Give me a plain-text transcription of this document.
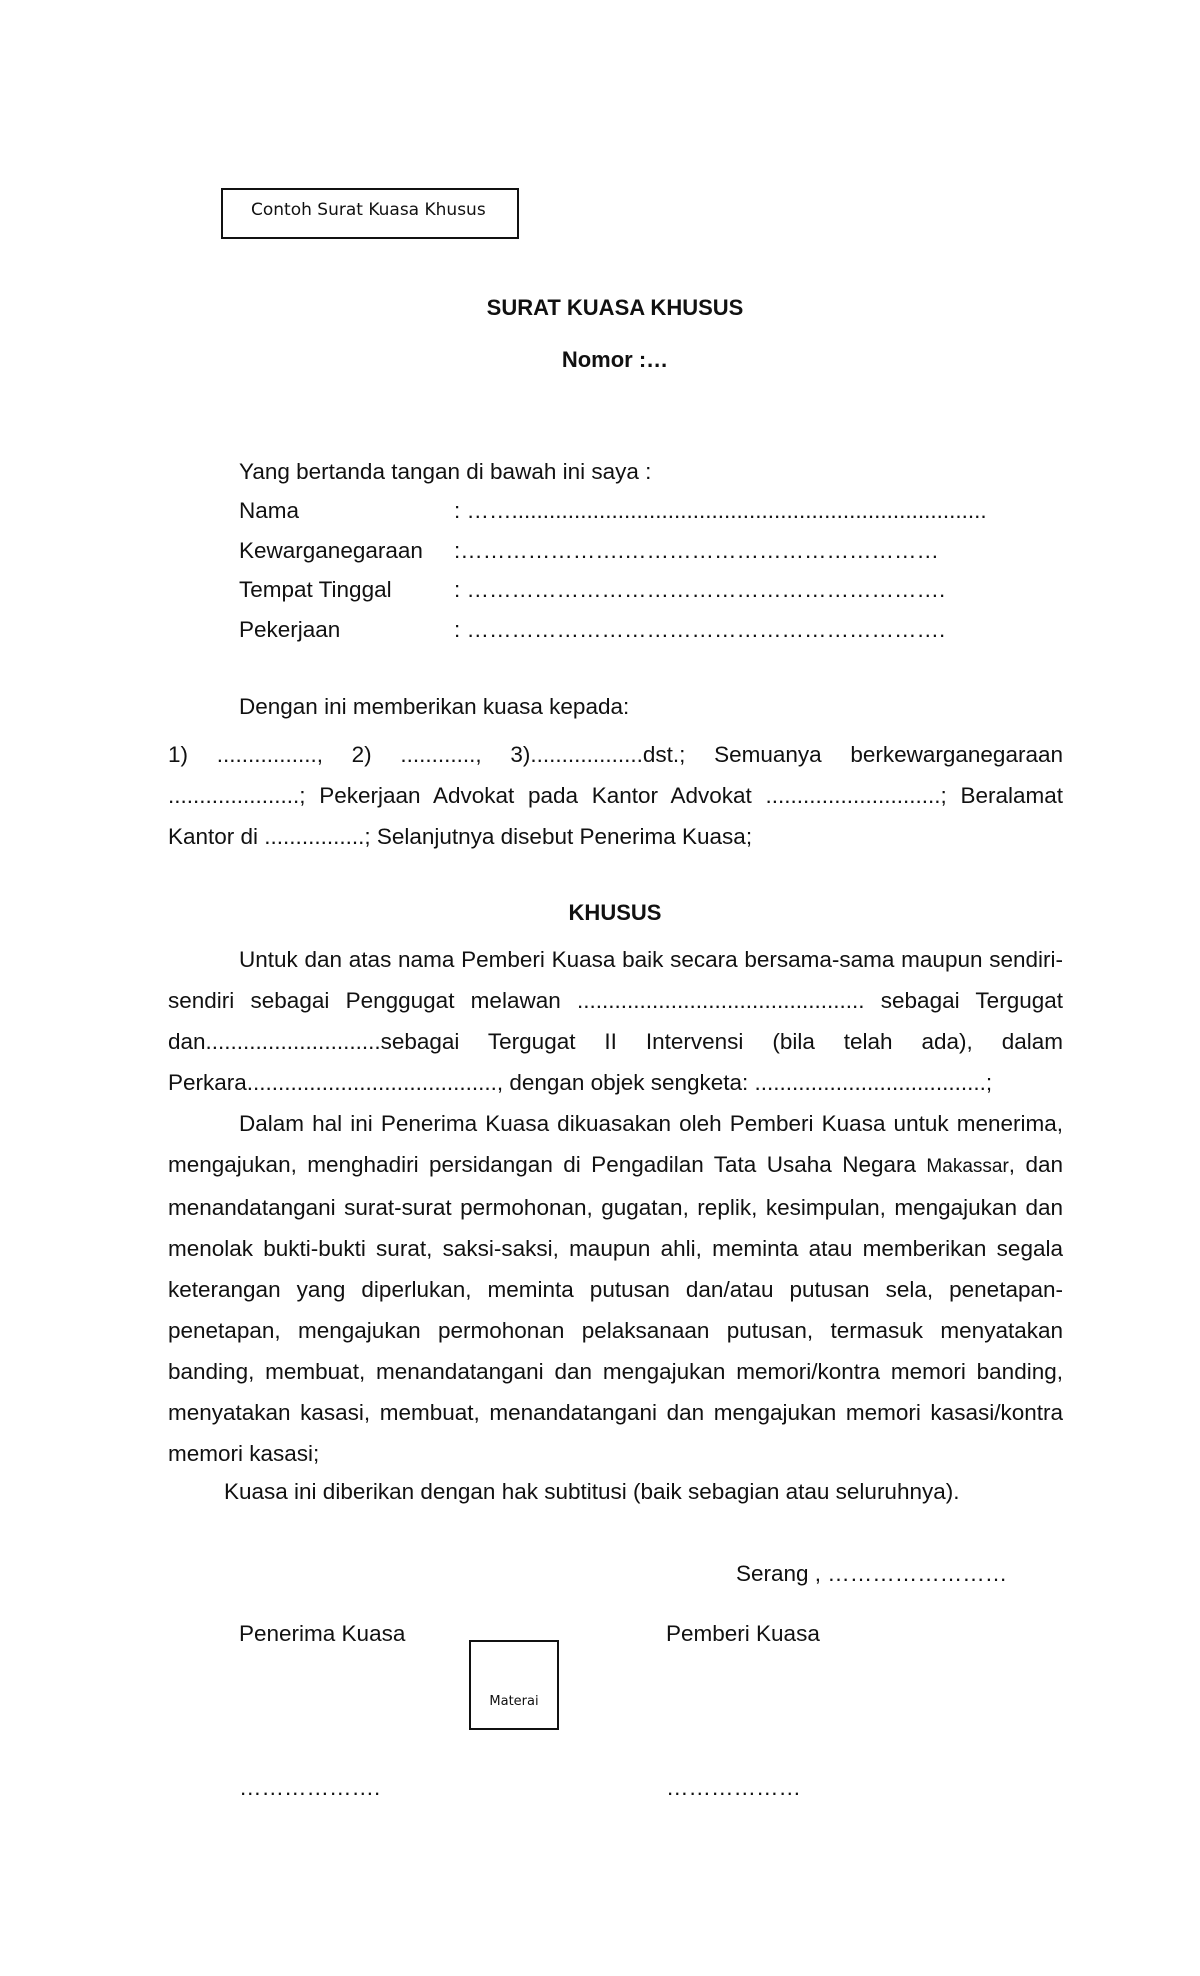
Contoh Surat Kuasa Khusus
SURAT KUASA KHUSUS
Nomor :…
Yang bertanda tangan di bawah ini saya :
Nama	: ……............................................................................
Kewarganegaraan :………………….……………………………………
Tempat Tinggal	: ……………………………………………………….
Pekerjaan	: ……………………………………………………….
Dengan ini memberikan kuasa kepada:
1) ................, 2) ............, 3)..................dst.; Semuanya berkewarganegaraan .....................; Pekerjaan Advokat pada Kantor Advokat ............................; Beralamat Kantor di ................; Selanjutnya disebut Penerima Kuasa;
KHUSUS
Untuk dan atas nama Pemberi Kuasa baik secara bersama-sama maupun sendiri-sendiri sebagai Penggugat melawan .............................................. sebagai Tergugat dan............................sebagai Tergugat II Intervensi (bila telah ada), dalam Perkara........................................, dengan objek sengketa: .....................................;
Dalam hal ini Penerima Kuasa dikuasakan oleh Pemberi Kuasa untuk menerima, mengajukan, menghadiri persidangan di Pengadilan Tata Usaha Negara Makassar, dan menandatangani surat-surat permohonan, gugatan, replik, kesimpulan, mengajukan dan menolak bukti-bukti surat, saksi-saksi, maupun ahli, meminta atau memberikan segala keterangan yang diperlukan, meminta putusan dan/atau putusan sela, penetapan-penetapan, mengajukan permohonan pelaksanaan putusan, termasuk menyatakan banding, membuat, menandatangani dan mengajukan memori/kontra memori banding, menyatakan kasasi, membuat, menandatangani dan mengajukan memori kasasi/kontra memori kasasi;
Kuasa ini diberikan dengan hak subtitusi (baik sebagian atau seluruhnya).
Serang , ……………………
Penerima Kuasa	Pemberi Kuasa
Materai
……………….	………………
